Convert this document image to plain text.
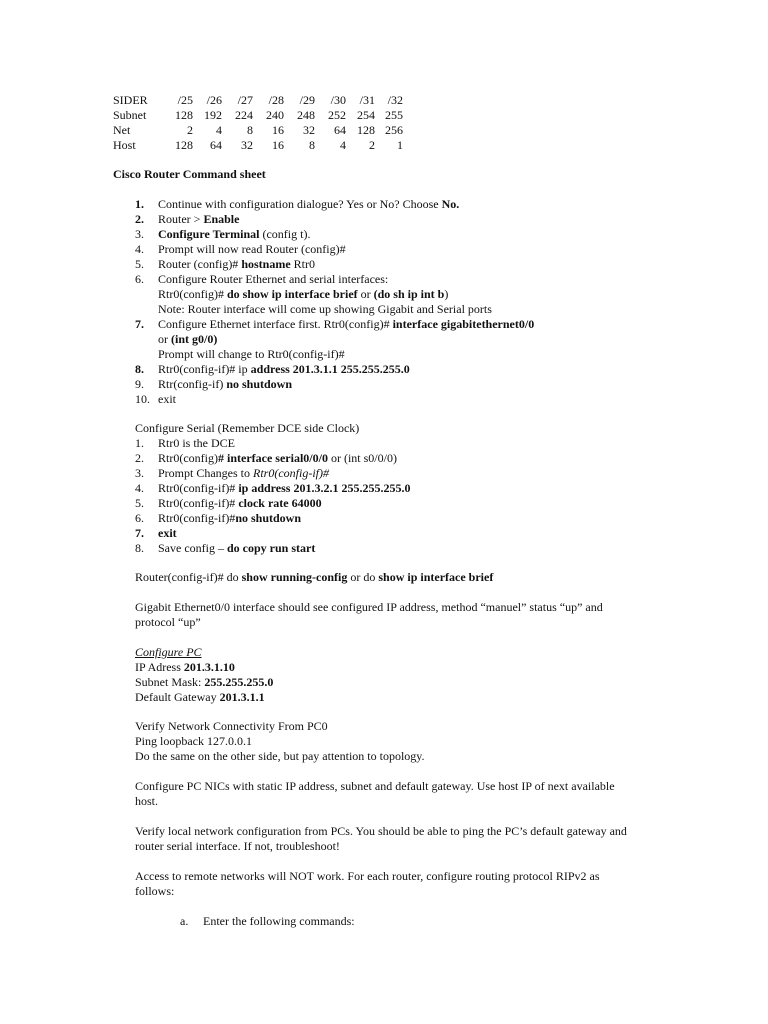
SIDER	/25	/26	/27	/28	/29	/30	/31	/32
Subnet	128	192	224	240	248	252	254	255
Net	2	4	8	16	32	64	128	256
Host	128	64	32	16	8	4	2	1
Cisco Router Command sheet
1. Continue with configuration dialogue? Yes or No? Choose No.
2. Router > Enable
3. Configure Terminal (config t).
4. Prompt will now read Router (config)#
5. Router (config)# hostname Rtr0
6. Configure Router Ethernet and serial interfaces:
Rtr0(config)# do show ip interface brief or (do sh ip int b)
Note: Router interface will come up showing Gigabit and Serial ports
7. Configure Ethernet interface first. Rtr0(config)# interface gigabitethernet0/0
or (int g0/0)
Prompt will change to Rtr0(config-if)#
8. Rtr0(config-if)# ip address 201.3.1.1 255.255.255.0
9. Rtr(config-if) no shutdown
10. exit
Configure Serial (Remember DCE side Clock)
1. Rtr0 is the DCE
2. Rtr0(config)# interface serial0/0/0 or (int s0/0/0)
3. Prompt Changes to Rtr0(config-if)#
4. Rtr0(config-if)# ip address 201.3.2.1 255.255.255.0
5. Rtr0(config-if)# clock rate 64000
6. Rtr0(config-if)#no shutdown
7. exit
8. Save config – do copy run start
Router(config-if)# do show running-config or do show ip interface brief
Gigabit Ethernet0/0 interface should see configured IP address, method “manuel” status “up” and
protocol “up”
Configure PC
IP Adress 201.3.1.10
Subnet Mask: 255.255.255.0
Default Gateway 201.3.1.1
Verify Network Connectivity From PC0
Ping loopback 127.0.0.1
Do the same on the other side, but pay attention to topology.
Configure PC NICs with static IP address, subnet and default gateway. Use host IP of next available
host.
Verify local network configuration from PCs. You should be able to ping the PC’s default gateway and
router serial interface. If not, troubleshoot!
Access to remote networks will NOT work. For each router, configure routing protocol RIPv2 as
follows:
a. Enter the following commands:
